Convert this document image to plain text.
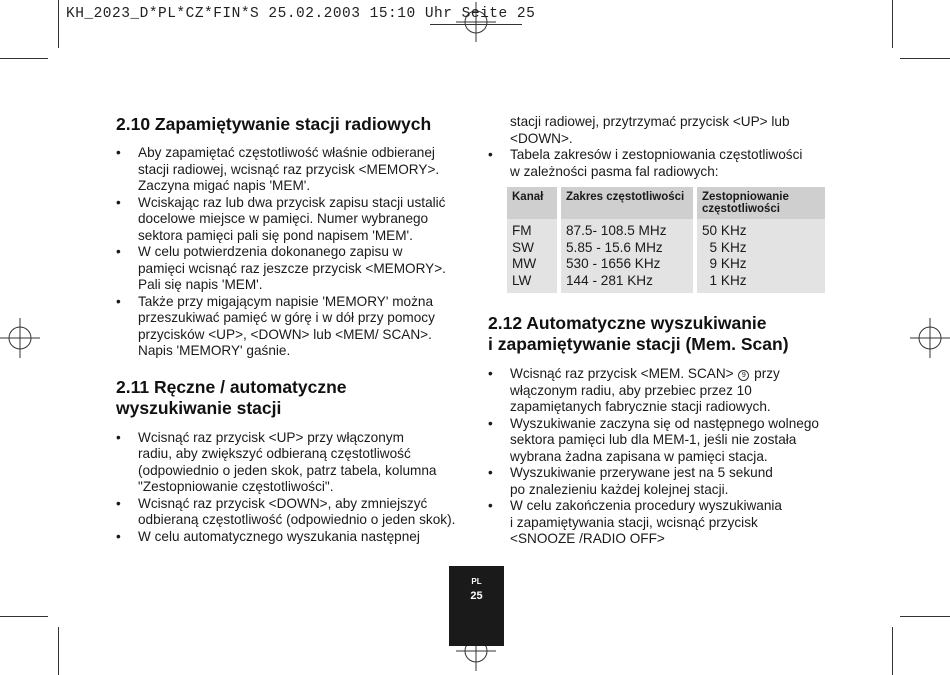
KH_2023_D*PL*CZ*FIN*S 25.02.2003 15:10 Uhr Seite 25
2.10 Zapamiętywanie stacji radiowych
• Aby zapamiętać częstotliwość właśnie odbieranej
stacji radiowej, wcisnąć raz przycisk <MEMORY>.
Zaczyna migać napis 'MEM'.
• Wciskając raz lub dwa przycisk zapisu stacji ustalić
docelowe miejsce w pamięci. Numer wybranego
sektora pamięci pali się pond napisem 'MEM'.
• W celu potwierdzenia dokonanego zapisu w
pamięci wcisnąć raz jeszcze przycisk <MEMORY>.
Pali się napis 'MEM'.
• Także przy migającym napisie 'MEMORY' można
przeszukiwać pamięć w górę i w dół przy pomocy
przycisków <UP>, <DOWN> lub <MEM/ SCAN>.
Napis 'MEMORY' gaśnie.
2.11 Ręczne / automatyczne
wyszukiwanie stacji
• Wcisnąć raz przycisk <UP> przy włączonym
radiu, aby zwiększyć odbieraną częstotliwość
(odpowiednio o jeden skok, patrz tabela, kolumna
"Zestopniowanie częstotliwości".
• Wcisnąć raz przycisk <DOWN>, aby zmniejszyć
odbieraną częstotliwość (odpowiednio o jeden skok).
• W celu automatycznego wyszukania następnej
stacji radiowej, przytrzymać przycisk <UP> lub
<DOWN>.
• Tabela zakresów i zestopniowania częstotliwości
w zależności pasma fal radiowych:
Kanał	Zakres częstotliwości	Zestopniowanie częstotliwości
FM	87.5- 108.5 MHz	50 KHz
SW	5.85 - 15.6 MHz	5 KHz
MW	530 - 1656 KHz	9 KHz
LW	144 - 281 KHz	1 KHz
2.12 Automatyczne wyszukiwanie
i zapamiętywanie stacji (Mem. Scan)
• Wcisnąć raz przycisk <MEM. SCAN> 9 przy
włączonym radiu, aby przebiec przez 10
zapamiętanych fabrycznie stacji radiowych.
• Wyszukiwanie zaczyna się od następnego wolnego
sektora pamięci lub dla MEM-1, jeśli nie została
wybrana żadna zapisana w pamięci stacja.
• Wyszukiwanie przerywane jest na 5 sekund
po znalezieniu każdej kolejnej stacji.
• W celu zakończenia procedury wyszukiwania
i zapamiętywania stacji, wcisnąć przycisk
<SNOOZE /RADIO OFF>
PL
25
